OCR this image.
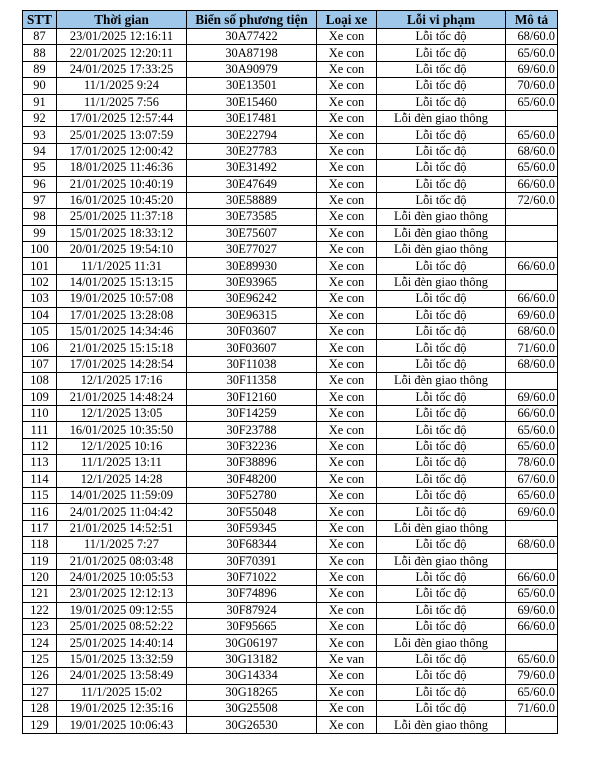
STT	Thời gian	Biển số phương tiện	Loại xe	Lỗi vi phạm	Mô tả
87	23/01/2025 12:16:11	30A77422	Xe con	Lỗi tốc độ	68/60.0
88	22/01/2025 12:20:11	30A87198	Xe con	Lỗi tốc độ	65/60.0
89	24/01/2025 17:33:25	30A90979	Xe con	Lỗi tốc độ	69/60.0
90	11/1/2025 9:24	30E13501	Xe con	Lỗi tốc độ	70/60.0
91	11/1/2025 7:56	30E15460	Xe con	Lỗi tốc độ	65/60.0
92	17/01/2025 12:57:44	30E17481	Xe con	Lỗi đèn giao thông	
93	25/01/2025 13:07:59	30E22794	Xe con	Lỗi tốc độ	65/60.0
94	17/01/2025 12:00:42	30E27783	Xe con	Lỗi tốc độ	68/60.0
95	18/01/2025 11:46:36	30E31492	Xe con	Lỗi tốc độ	65/60.0
96	21/01/2025 10:40:19	30E47649	Xe con	Lỗi tốc độ	66/60.0
97	16/01/2025 10:45:20	30E58889	Xe con	Lỗi tốc độ	72/60.0
98	25/01/2025 11:37:18	30E73585	Xe con	Lỗi đèn giao thông	
99	15/01/2025 18:33:12	30E75607	Xe con	Lỗi đèn giao thông	
100	20/01/2025 19:54:10	30E77027	Xe con	Lỗi đèn giao thông	
101	11/1/2025 11:31	30E89930	Xe con	Lỗi tốc độ	66/60.0
102	14/01/2025 15:13:15	30E93965	Xe con	Lỗi đèn giao thông	
103	19/01/2025 10:57:08	30E96242	Xe con	Lỗi tốc độ	66/60.0
104	17/01/2025 13:28:08	30E96315	Xe con	Lỗi tốc độ	69/60.0
105	15/01/2025 14:34:46	30F03607	Xe con	Lỗi tốc độ	68/60.0
106	21/01/2025 15:15:18	30F03607	Xe con	Lỗi tốc độ	71/60.0
107	17/01/2025 14:28:54	30F11038	Xe con	Lỗi tốc độ	68/60.0
108	12/1/2025 17:16	30F11358	Xe con	Lỗi đèn giao thông	
109	21/01/2025 14:48:24	30F12160	Xe con	Lỗi tốc độ	69/60.0
110	12/1/2025 13:05	30F14259	Xe con	Lỗi tốc độ	66/60.0
111	16/01/2025 10:35:50	30F23788	Xe con	Lỗi tốc độ	65/60.0
112	12/1/2025 10:16	30F32236	Xe con	Lỗi tốc độ	65/60.0
113	11/1/2025 13:11	30F38896	Xe con	Lỗi tốc độ	78/60.0
114	12/1/2025 14:28	30F48200	Xe con	Lỗi tốc độ	67/60.0
115	14/01/2025 11:59:09	30F52780	Xe con	Lỗi tốc độ	65/60.0
116	24/01/2025 11:04:42	30F55048	Xe con	Lỗi tốc độ	69/60.0
117	21/01/2025 14:52:51	30F59345	Xe con	Lỗi đèn giao thông	
118	11/1/2025 7:27	30F68344	Xe con	Lỗi tốc độ	68/60.0
119	21/01/2025 08:03:48	30F70391	Xe con	Lỗi đèn giao thông	
120	24/01/2025 10:05:53	30F71022	Xe con	Lỗi tốc độ	66/60.0
121	23/01/2025 12:12:13	30F74896	Xe con	Lỗi tốc độ	65/60.0
122	19/01/2025 09:12:55	30F87924	Xe con	Lỗi tốc độ	69/60.0
123	25/01/2025 08:52:22	30F95665	Xe con	Lỗi tốc độ	66/60.0
124	25/01/2025 14:40:14	30G06197	Xe con	Lỗi đèn giao thông	
125	15/01/2025 13:32:59	30G13182	Xe van	Lỗi tốc độ	65/60.0
126	24/01/2025 13:58:49	30G14334	Xe con	Lỗi tốc độ	79/60.0
127	11/1/2025 15:02	30G18265	Xe con	Lỗi tốc độ	65/60.0
128	19/01/2025 12:35:16	30G25508	Xe con	Lỗi tốc độ	71/60.0
129	19/01/2025 10:06:43	30G26530	Xe con	Lỗi đèn giao thông	
